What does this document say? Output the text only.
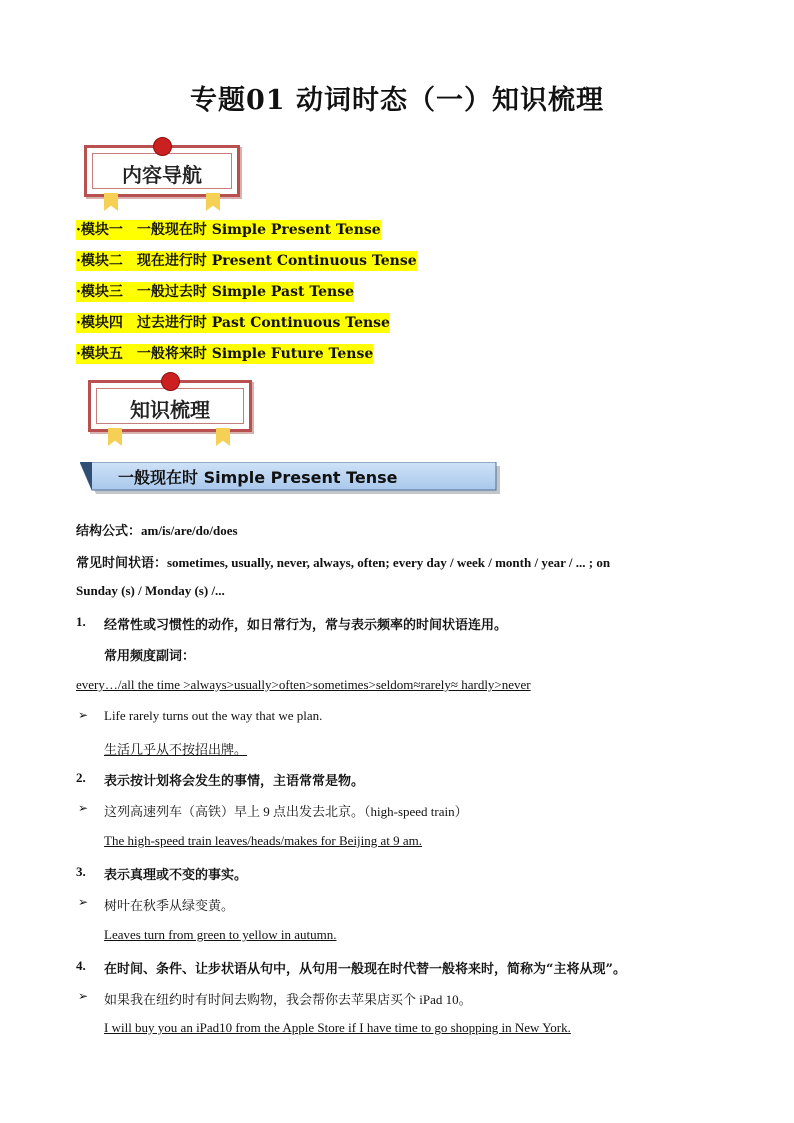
专题01 动词时态（一）知识梳理
内容导航
·模块一　一般现在时 Simple Present Tense
·模块二　现在进行时 Present Continuous Tense
·模块三　一般过去时 Simple Past Tense
·模块四　过去进行时 Past Continuous Tense
·模块五　一般将来时 Simple Future Tense
知识梳理
一般现在时 Simple Present Tense
结构公式：am/is/are/do/does
常见时间状语：sometimes, usually, never, always, often; every day / week / month / year / ... ; on
Sunday (s) / Monday (s) /...
1. 经常性或习惯性的动作，如日常行为，常与表示频率的时间状语连用。
常用频度副词：
every…/all the time >always>usually>often>sometimes>seldom≈rarely≈ hardly>never
➢ Life rarely turns out the way that we plan.
生活几乎从不按招出牌。
2. 表示按计划将会发生的事情，主语常常是物。
➢ 这列高速列车（高铁）早上 9 点出发去北京。（high-speed train）
The high-speed train leaves/heads/makes for Beijing at 9 am.
3. 表示真理或不变的事实。
➢ 树叶在秋季从绿变黄。
Leaves turn from green to yellow in autumn.
4. 在时间、条件、让步状语从句中，从句用一般现在时代替一般将来时，简称为“主将从现”。
➢ 如果我在纽约时有时间去购物，我会帮你去苹果店买个 iPad 10。
I will buy you an iPad10 from the Apple Store if I have time to go shopping in New York.
